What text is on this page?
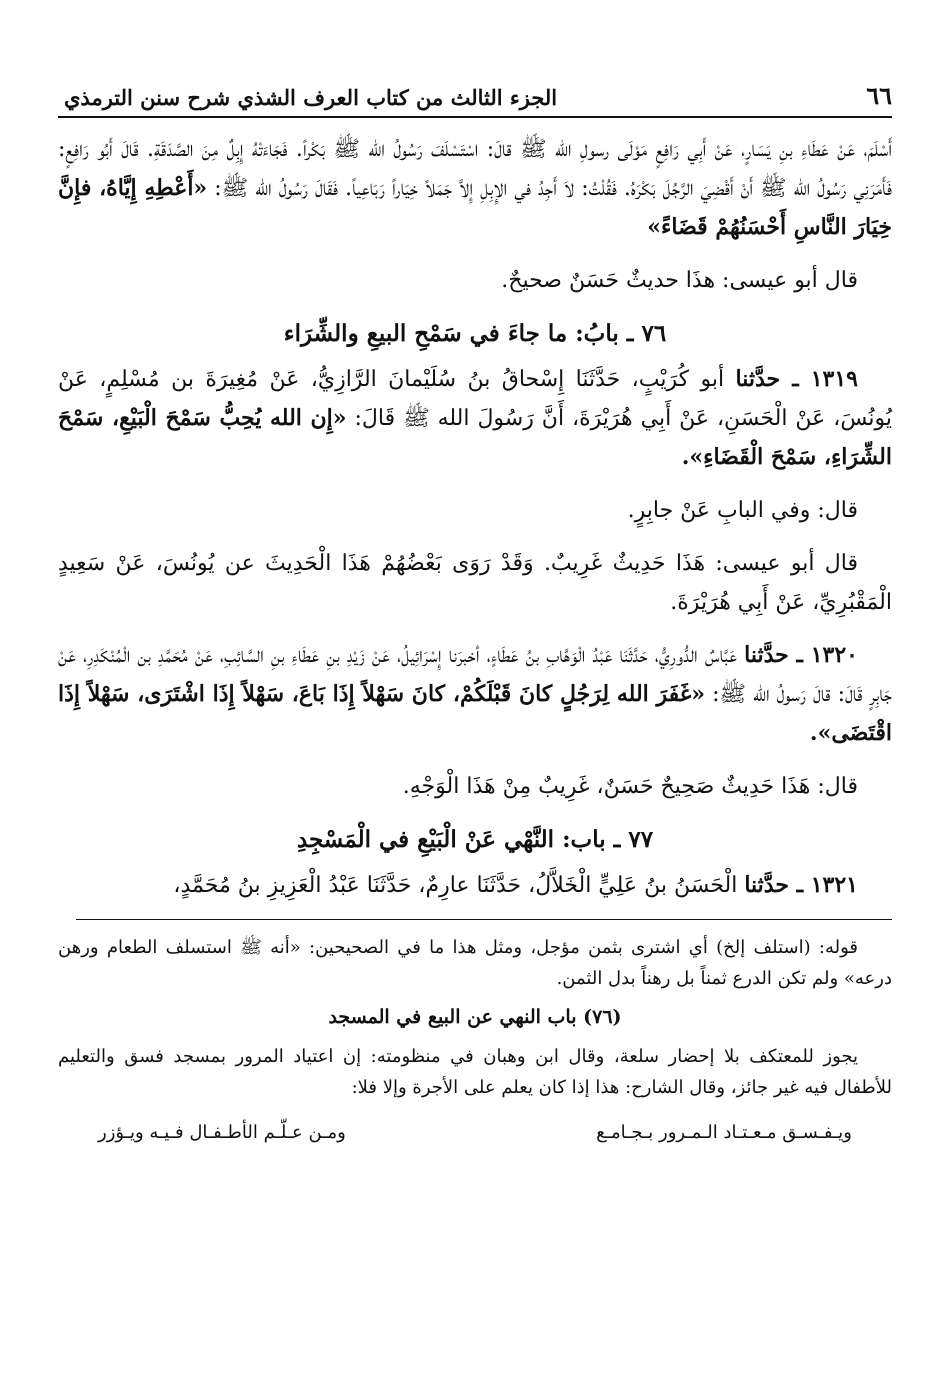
٦٦
الجزء الثالث من كتاب العرف الشذي شرح سنن الترمذي

أَسْلَمَ، عَنْ عَطَاءِ بنِ يَسَارٍ، عَنْ أَبِي رَافِعٍ مَوْلَى رسولِ الله ﷺ قالَ: اسْتَسْلَفَ رَسُولُ الله ﷺ بَكْراً. فَجَاءَتْهُ إِبِلٌ مِنَ الصَّدَقَةِ. قَالَ أَبُو رَافِعٍ: فَأَمَرَنِي رَسُولُ الله ﷺ أَنْ أَقْضِيَ الرَّجُلَ بَكْرَهُ. فَقُلْتُ: لاَ أَجِدُ في الإِبِلِ إِلاَّ جَمَلاً خِيَاراً رَبَاعِياً. فَقَالَ رَسُولُ الله ﷺ: «أَعْطِهِ إِيَّاهُ، فإِنَّ خِيَارَ النَّاسِ أَحْسَنُهُمْ قَضَاءً»

قال أبو عيسى: هذَا حديثٌ حَسَنٌ صحيحٌ.

٧٦ ـ بابُ: ما جاءَ في سَمْحِ البيعِ والشِّرَاء

١٣١٩ ـ حدَّثنا أبو كُرَيْبٍ، حَدَّثَنَا إِسْحاقُ بنُ سُلَيْمانَ الرَّازِيُّ، عَنْ مُغِيرَةَ بن مُسْلِمٍ، عَنْ يُونُسَ، عَنْ الْحَسَنِ، عَنْ أَبِي هُرَيْرَةَ، أَنَّ رَسُولَ الله ﷺ قَالَ: «إِن الله يُحِبُّ سَمْحَ الْبَيْعِ، سَمْحَ الشِّرَاءِ، سَمْحَ الْقَضَاءِ».

قال: وفي البابِ عَنْ جابِرٍ.

قال أبو عيسى: هَذَا حَدِيثٌ غَرِيبٌ. وَقَدْ رَوَى بَعْضُهُمْ هَذَا الْحَدِيثَ عن يُونُسَ، عَنْ سَعِيدٍ الْمَقْبُرِيِّ، عَنْ أَبِي هُرَيْرَةَ.

١٣٢٠ ـ حدَّثنا عَبَّاسٌ الدُّورِيُّ، حَدَّثَنَا عَبْدُ الْوَهَّابِ بنُ عَطَاءٍ، أخبرَنا إِسْرَائِيلُ، عَنْ زَيْدِ بنِ عَطَاءِ بنِ السَّائِبِ، عَنْ مُحَمَّدِ بن الْمُنْكَدِرِ، عَنْ جَابِرٍ قَالَ: قالَ رَسولُ الله ﷺ: «غَفَرَ الله لِرَجُلٍ كانَ قَبْلَكُمْ، كانَ سَهْلاً إِذَا بَاعَ، سَهْلاً إِذَا اشْتَرَى، سَهْلاً إِذَا اقْتَضَى».

قال: هَذَا حَدِيثٌ صَحِيحٌ حَسَنٌ، غَرِيبٌ مِنْ هَذَا الْوَجْهِ.

٧٧ ـ باب: النَّهْي عَنْ الْبَيْعِ في الْمَسْجِدِ

١٣٢١ ـ حدَّثنا الْحَسَنُ بنُ عَلِيٍّ الْخَلاَّلُ، حَدَّثَنَا عارِمٌ، حَدَّثَنَا عَبْدُ الْعَزِيزِ بنُ مُحَمَّدٍ،

قوله: (استلف إلخ) أي اشترى بثمن مؤجل، ومثل هذا ما في الصحيحين: «أنه ﷺ استسلف الطعام ورهن درعه» ولم تكن الدرع ثمناً بل رهناً بدل الثمن.

(٧٦) باب النهي عن البيع في المسجد

يجوز للمعتكف بلا إحضار سلعة، وقال ابن وهبان في منظومته: إن اعتياد المرور بمسجد فسق والتعليم للأطفال فيه غير جائز، وقال الشارح: هذا إذا كان يعلم على الأجرة وإلا فلا:

ويـفـسـق مـعـتـاد الـمـرور بـجـامـع
ومـن عـلّـم الأطـفـال فـيـه ويـؤزر
